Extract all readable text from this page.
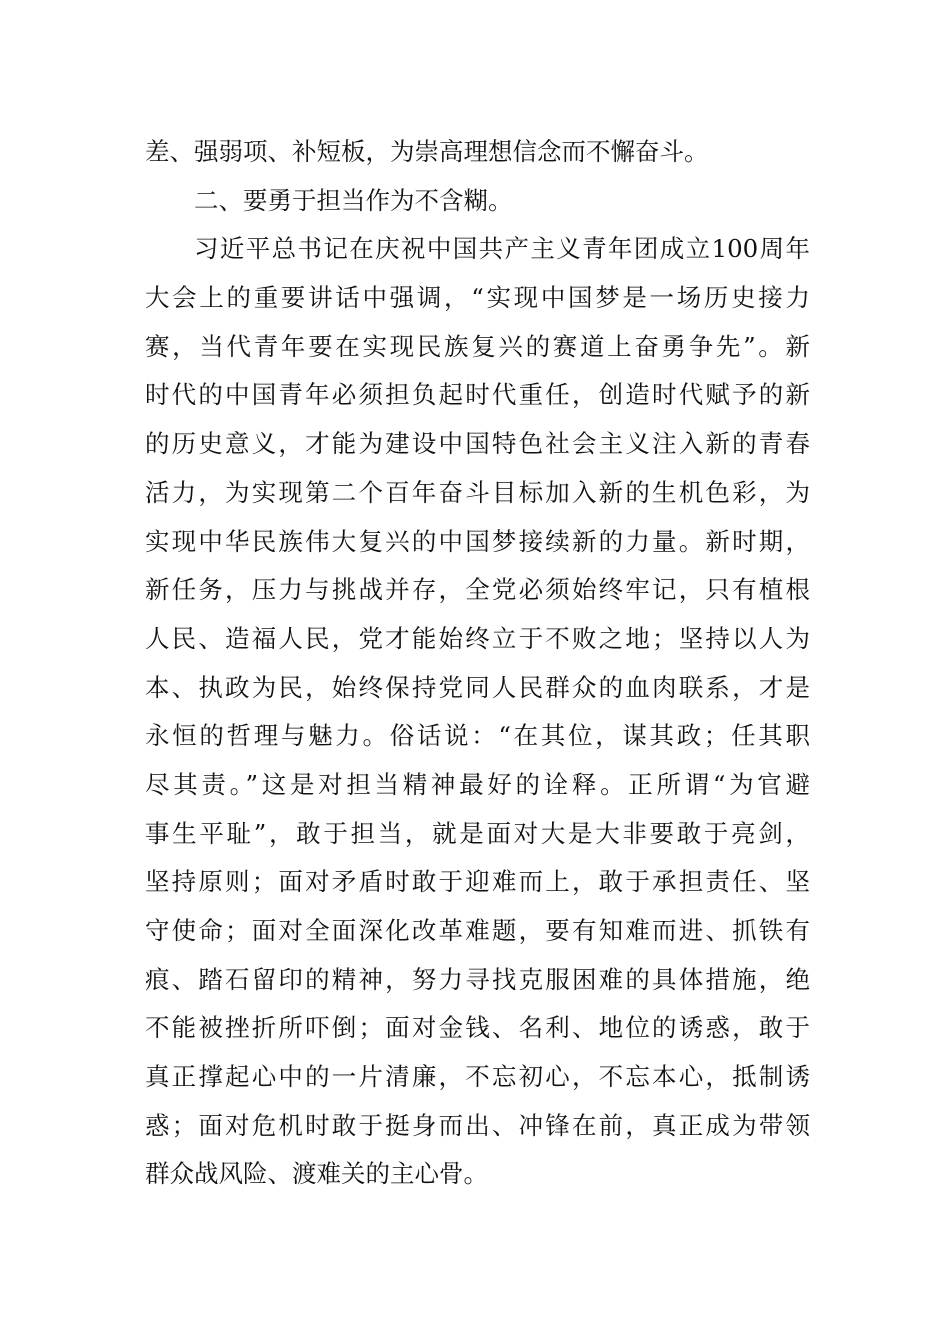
差、强弱项、补短板，为崇高理想信念而不懈奋斗。
二、要勇于担当作为不含糊。
习近平总书记在庆祝中国共产主义青年团成立100周年
大会上的重要讲话中强调，“实现中国梦是一场历史接力
赛，当代青年要在实现民族复兴的赛道上奋勇争先”。新
时代的中国青年必须担负起时代重任，创造时代赋予的新
的历史意义，才能为建设中国特色社会主义注入新的青春
活力，为实现第二个百年奋斗目标加入新的生机色彩，为
实现中华民族伟大复兴的中国梦接续新的力量。新时期，
新任务，压力与挑战并存，全党必须始终牢记，只有植根
人民、造福人民，党才能始终立于不败之地；坚持以人为
本、执政为民，始终保持党同人民群众的血肉联系，才是
永恒的哲理与魅力。俗话说：“在其位，谋其政；任其职
尽其责。”这是对担当精神最好的诠释。正所谓“为官避
事生平耻”，敢于担当，就是面对大是大非要敢于亮剑，
坚持原则；面对矛盾时敢于迎难而上，敢于承担责任、坚
守使命；面对全面深化改革难题，要有知难而进、抓铁有
痕、踏石留印的精神，努力寻找克服困难的具体措施，绝
不能被挫折所吓倒；面对金钱、名利、地位的诱惑，敢于
真正撑起心中的一片清廉，不忘初心，不忘本心，抵制诱
惑；面对危机时敢于挺身而出、冲锋在前，真正成为带领
群众战风险、渡难关的主心骨。
